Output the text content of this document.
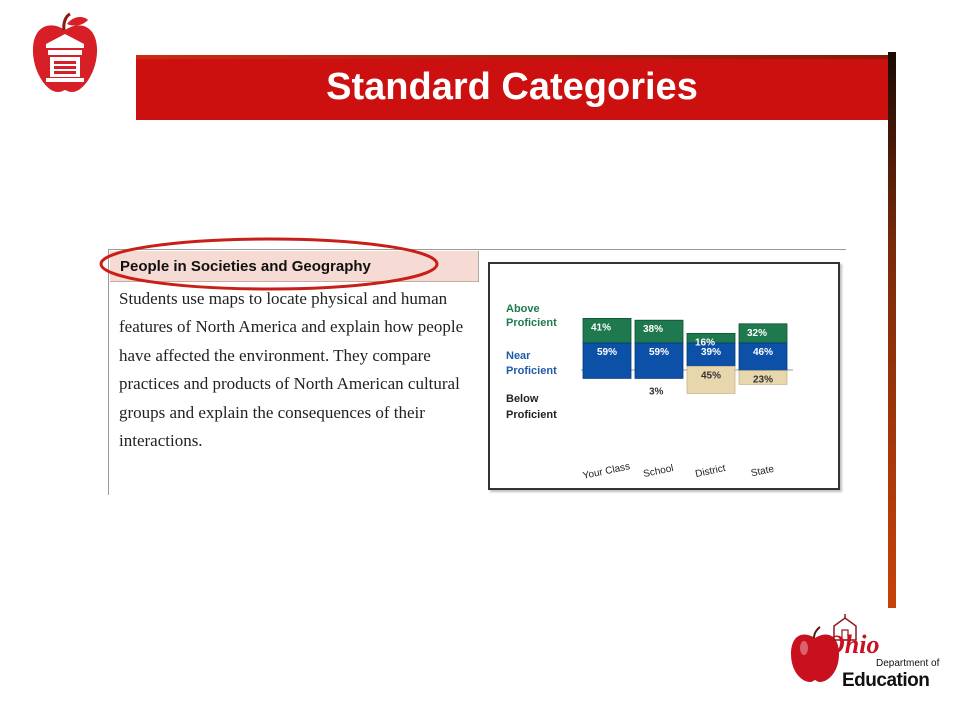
Standard Categories
People in Societies and Geography
Students use maps to locate physical and human features of North America and explain how people have affected the environment. They compare practices and products of North American cultural groups and explain the consequences of their interactions.
Above
Proficient
Near
Proficient
Below
Proficient
41%
59%
Your Class
38%
59%
3%
School
16%
39%
45%
District
32%
46%
23%
State
Ohio
Department of
Education
